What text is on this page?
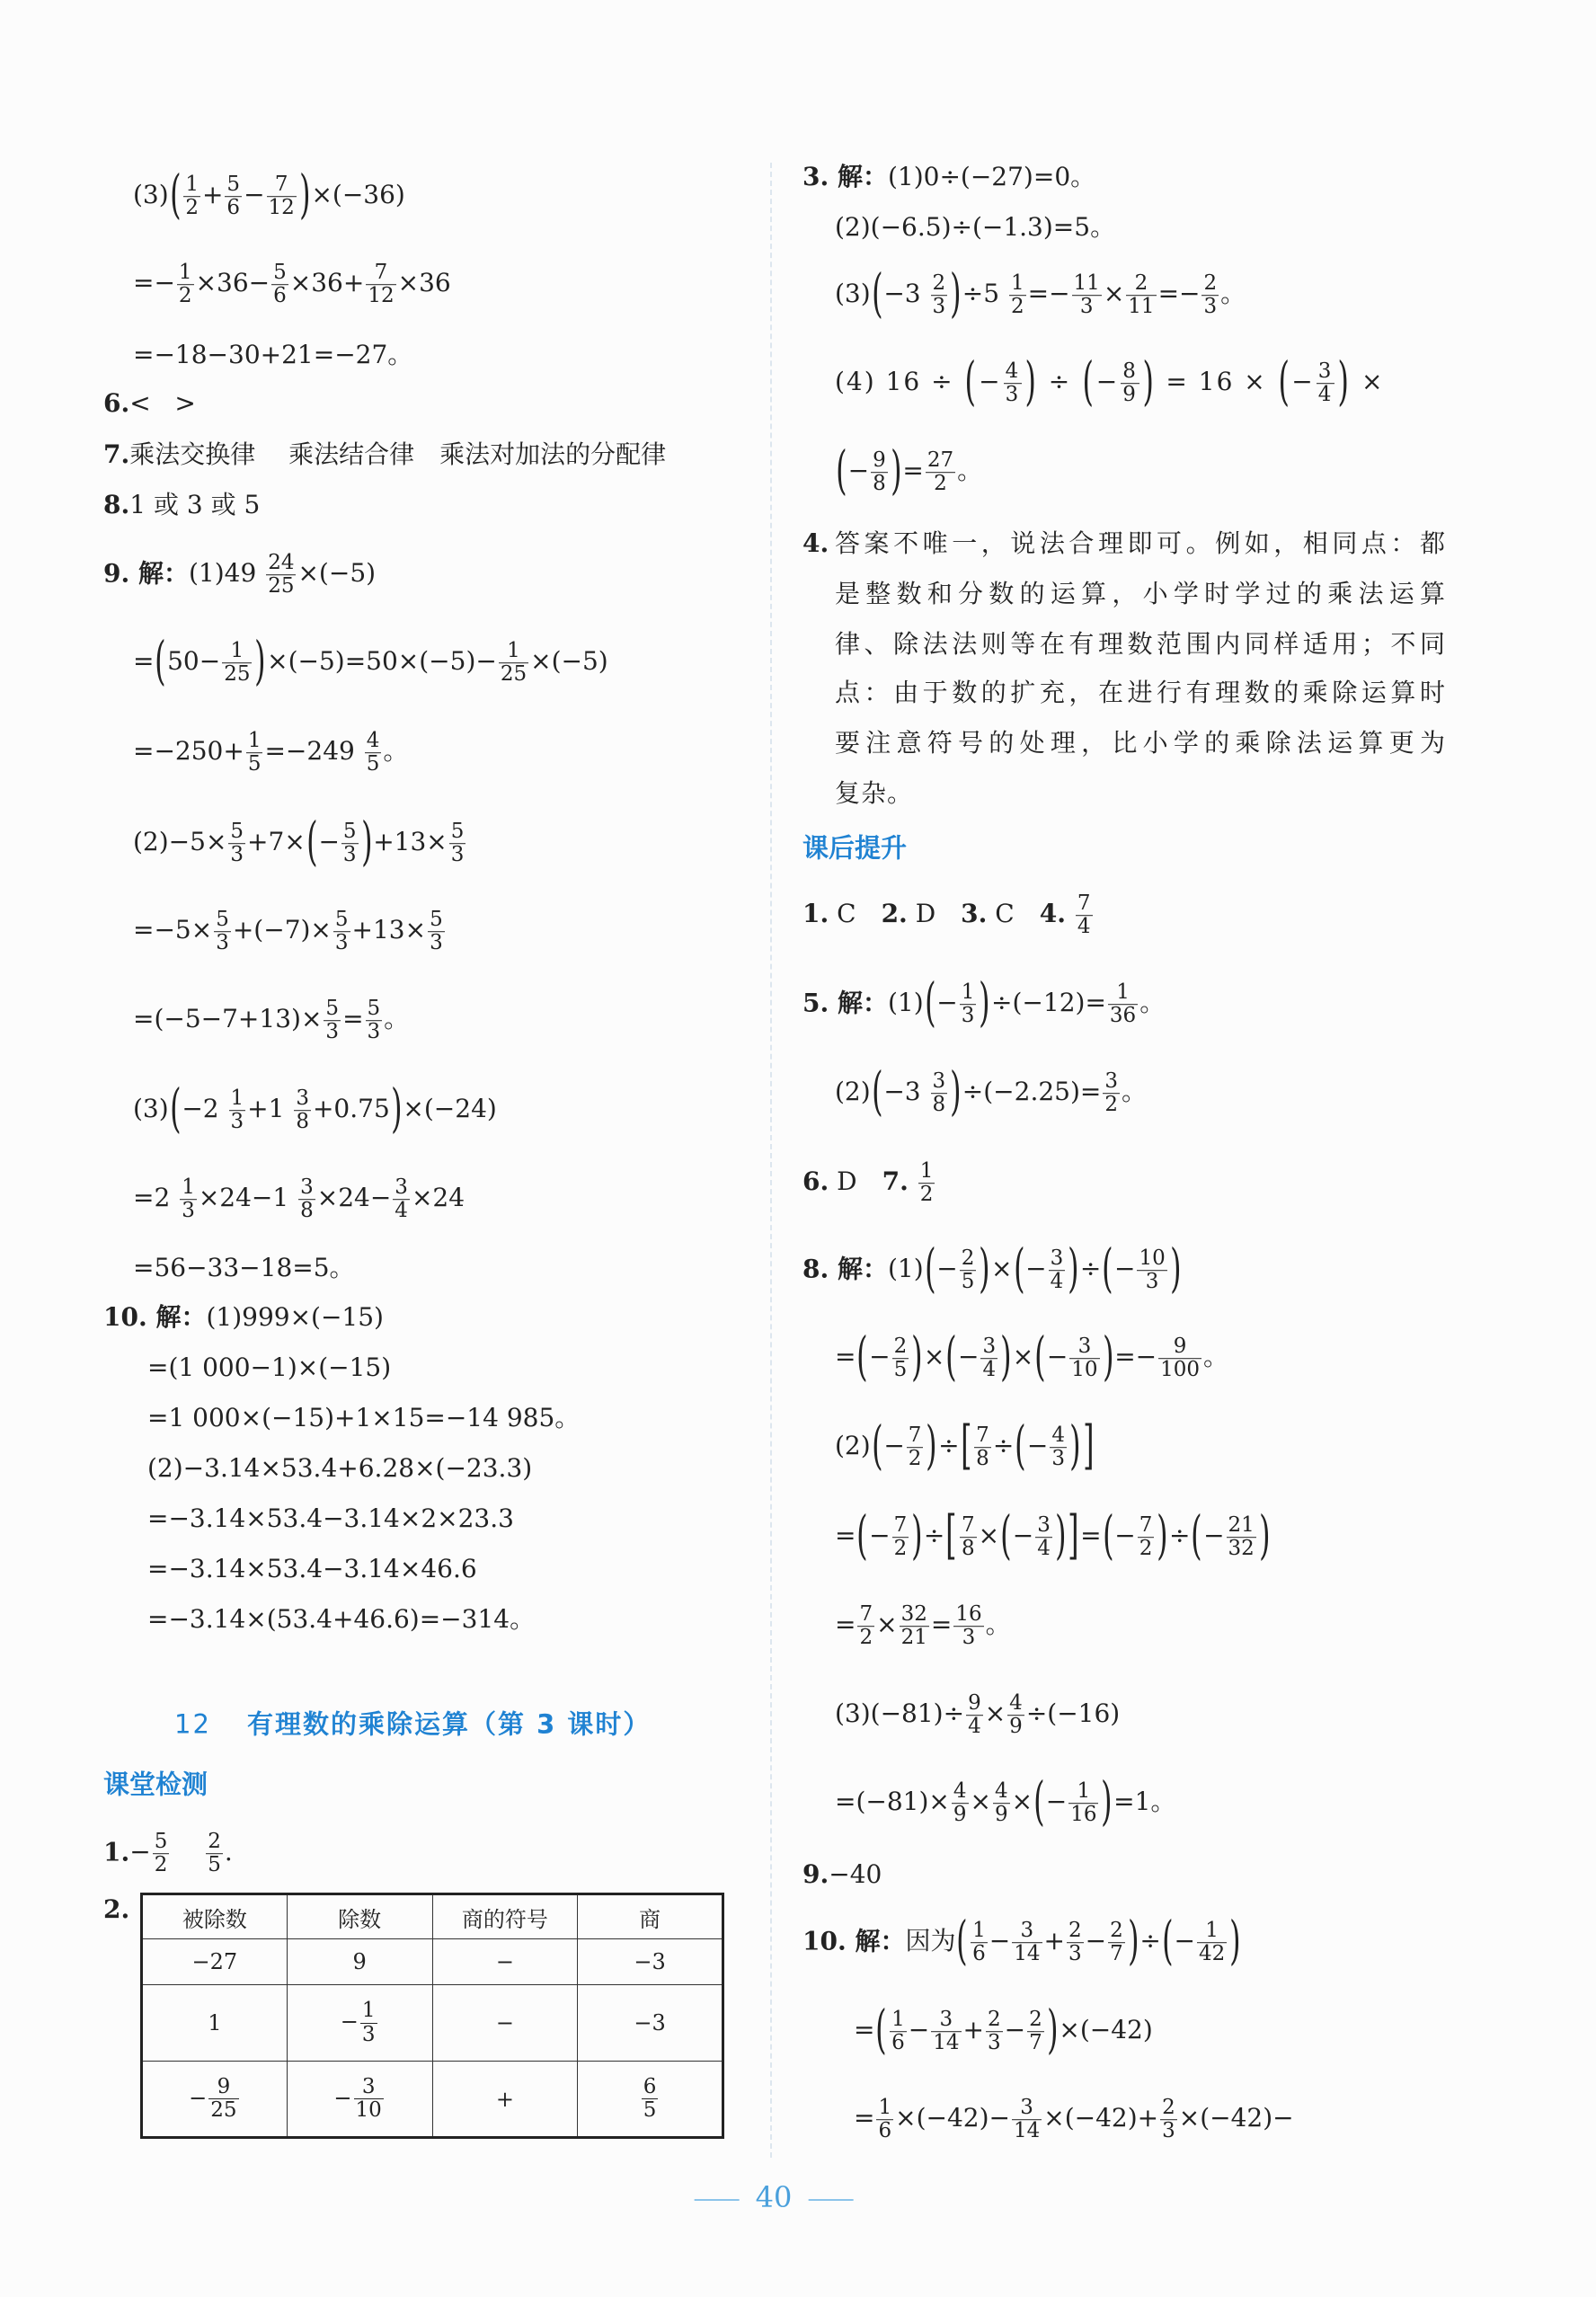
$(3)( \frac{1}{2} + \frac{5}{6} - \frac{7}{12} )\times(-36)$
=− $\frac{1}{2} \times 36- \frac{5}{6} \times 36+ \frac{7}{12} \times 36$
=−18−30+21=−27。
6.<   >
7.乘法交换律　 乘法结合律　乘法对加法的分配律
8.1 或 3 或 5
9. 解：$(1)49 \frac{24}{25} \times(-5)$
$=(50- \frac{1}{25} )\times(-5)=50\times(-5)- \frac{1}{25} \times(-5)$
$=-250+ \frac{1}{5} =-249 \frac{4}{5}$ 。
$(2)-5\times \frac{5}{3} +7\times(- \frac{5}{3} )+13\times \frac{5}{3}$
$=-5\times \frac{5}{3} +(-7)\times \frac{5}{3} +13\times \frac{5}{3}$
$=(-5-7+13)\times \frac{5}{3} = \frac{5}{3}$ 。
$(3)(-2 \frac{1}{3} +1 \frac{3}{8} +0.75)\times(-24)$
$=2 \frac{1}{3} \times 24-1 \frac{3}{8} \times 24- \frac{3}{4} \times 24$
=56−33−18=5。
10. 解：(1)999×(−15)
=(1 000−1)×(−15)
=1 000×(−15)+1×15=−14 985。
(2)−3.14×53.4+6.28×(−23.3)
=−3.14×53.4−3.14×2×23.3
=−3.14×53.4−3.14×46.6
=−3.14×(53.4+46.6)=−314。
12 有理数的乘除运算（第 3 课时）
课堂检测
$1.- \frac{5}{2}$
　 $\frac{2}{5}$ .
2. 被除数	除数	商的符号	商
−27	9	−	−3
1	− $\frac{1}{3}$	−	−3
− $\frac{9}{25}$	− $\frac{3}{10}$	+	$\frac{6}{5}$
3. 解：(1)0÷(−27)=0。
(2)(−6.5)÷(−1.3)=5。
$(3)(-3 \frac{2}{3} )\div 5 \frac{1}{2} =- \frac{11}{3} \times \frac{2}{11} =- \frac{2}{3}$ 。
(4) 16 ÷ (− $\frac{4}{3}$ ) ÷ (− $\frac{8}{9}$ ) = 16 × (− $\frac{3}{4}$ ) ×
(− $\frac{9}{8}$ )= $\frac{27}{2}$ 。
4. 答案不唯一，说法合理即可。例如，相同点：都
是整数和分数的运算，小学时学过的乘法运算
律、除法法则等在有理数范围内同样适用；不同
点：由于数的扩充，在进行有理数的乘除运算时
要注意符号的处理，比小学的乘除法运算更为
复杂。
课后提升
1. C　2. D　3. C　4. $\frac{7}{4}$
5. 解：$(1)(- \frac{1}{3} )\div(-12)= \frac{1}{36}$ 。
$(2)(-3 \frac{3}{8} )\div(-2.25)= \frac{3}{2}$ 。
6. D　7. $\frac{1}{2}$
8. 解：$(1)(- \frac{2}{5}$ )×(− $\frac{3}{4}$ )÷(− $\frac{10}{3}$ )
=(− $\frac{2}{5}$ )×(− $\frac{3}{4}$ )×(− $\frac{3}{10}$ )=− $\frac{9}{100}$ 。
$(2)(- \frac{7}{2}$ )÷[ $\frac{7}{8}$ ÷(− $\frac{4}{3}$ )]
=(− $\frac{7}{2}$ )÷[ $\frac{7}{8}$ ×(− $\frac{3}{4}$ )]=(− $\frac{7}{2}$ )÷(− $\frac{21}{32}$ )
= $\frac{7}{2} \times \frac{32}{21} = \frac{16}{3}$ 。
$(3)(-81)\div \frac{9}{4} \times \frac{4}{9} \div(-16)$
$=(-81)\times \frac{4}{9} \times \frac{4}{9}$ ×(− $\frac{1}{16} )=1$。
9.−40
10. 解：因为( $\frac{1}{6} - \frac{3}{14} + \frac{2}{3} - \frac{2}{7}$ )÷(− $\frac{1}{42}$ )
=( $\frac{1}{6} - \frac{3}{14} + \frac{2}{3} - \frac{2}{7} )\times(-42)$
= $\frac{1}{6} \times(-42)- \frac{3}{14} \times(-42)+ \frac{2}{3} \times(-42)-$
40
